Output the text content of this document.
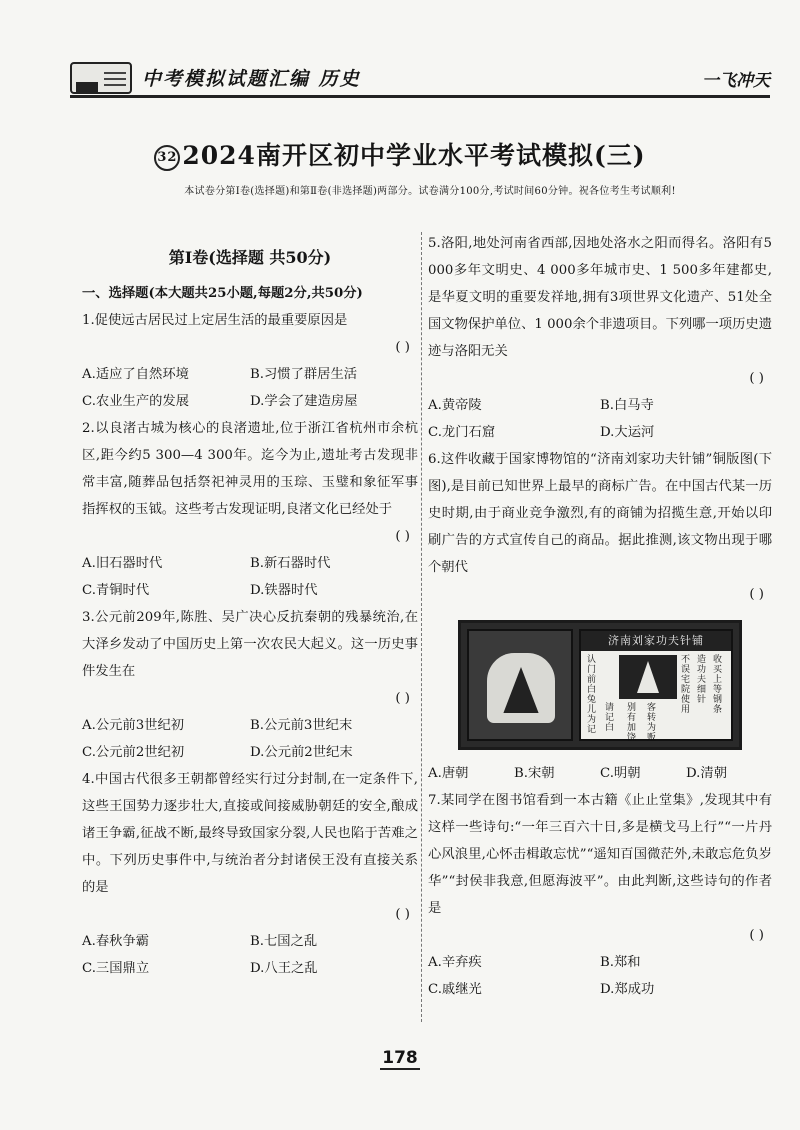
中考模拟试题汇编 历史	一飞冲天
32 2024南开区初中学业水平考试模拟(三)
本试卷分第Ⅰ卷(选择题)和第Ⅱ卷(非选择题)两部分。试卷满分100分,考试时间60分钟。祝各位考生考试顺利!
第Ⅰ卷(选择题 共50分)
一、选择题(本大题共25小题,每题2分,共50分)
1.促使远古居民过上定居生活的最重要原因是
( )
A.适应了自然环境	B.习惯了群居生活
C.农业生产的发展	D.学会了建造房屋
2.以良渚古城为核心的良渚遗址,位于浙江省杭州市余杭区,距今约5 300—4 300年。迄今为止,遗址考古发现非常丰富,随葬品包括祭祀神灵用的玉琮、玉璧和象征军事指挥权的玉钺。这些考古发现证明,良渚文化已经处于
( )
A.旧石器时代	B.新石器时代
C.青铜时代	D.铁器时代
3.公元前209年,陈胜、吴广决心反抗秦朝的残暴统治,在大泽乡发动了中国历史上第一次农民大起义。这一历史事件发生在
( )
A.公元前3世纪初	B.公元前3世纪末
C.公元前2世纪初	D.公元前2世纪末
4.中国古代很多王朝都曾经实行过分封制,在一定条件下,这些王国势力逐步壮大,直接或间接威胁朝廷的安全,酿成诸王争霸,征战不断,最终导致国家分裂,人民也陷于苦难之中。下列历史事件中,与统治者分封诸侯王没有直接关系的是
( )
A.春秋争霸	B.七国之乱
C.三国鼎立	D.八王之乱
5.洛阳,地处河南省西部,因地处洛水之阳而得名。洛阳有5 000多年文明史、4 000多年城市史、1 500多年建都史,是华夏文明的重要发祥地,拥有3项世界文化遗产、51处全国文物保护单位、1 000余个非遗项目。下列哪一项历史遗迹与洛阳无关
( )
A.黄帝陵	B.白马寺
C.龙门石窟	D.大运河
6.这件收藏于国家博物馆的“济南刘家功夫针铺”铜版图(下图),是目前已知世界上最早的商标广告。在中国古代某一历史时期,由于商业竞争激烈,有的商铺为招揽生意,开始以印刷广告的方式宣传自己的商品。据此推测,该文物出现于哪个朝代
( )
济南刘家功夫针铺
认门前白兔儿为记
请记白
别有加饶
客转为贩
不误宅院使用
造功夫细针
收买上等钢条
A.唐朝	B.宋朝	C.明朝	D.清朝
7.某同学在图书馆看到一本古籍《止止堂集》,发现其中有这样一些诗句:“一年三百六十日,多是横戈马上行”“一片丹心风浪里,心怀击楫敢忘忧”“遥知百国微茫外,未敢忘危负岁华”“封侯非我意,但愿海波平”。由此判断,这些诗句的作者是
( )
A.辛弃疾	B.郑和
C.戚继光	D.郑成功
178
